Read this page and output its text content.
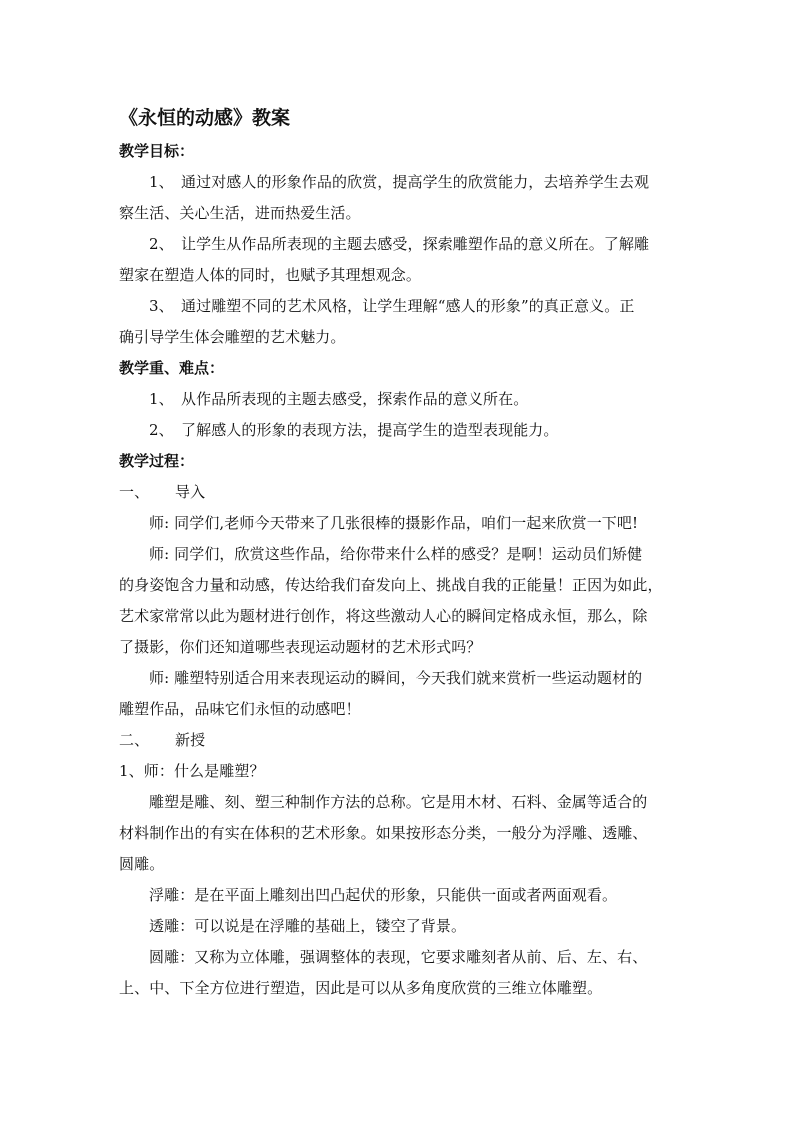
《永恒的动感》教案
教学目标：
1、 通过对感人的形象作品的欣赏，提高学生的欣赏能力，去培养学生去观
察生活、关心生活，进而热爱生活。
2、 让学生从作品所表现的主题去感受，探索雕塑作品的意义所在。了解雕
塑家在塑造人体的同时，也赋予其理想观念。
3、 通过雕塑不同的艺术风格，让学生理解“感人的形象”的真正意义。正
确引导学生体会雕塑的艺术魅力。
教学重、难点：
1、 从作品所表现的主题去感受，探索作品的意义所在。
2、 了解感人的形象的表现方法，提高学生的造型表现能力。
教学过程：
一、 导入
师: 同学们,老师今天带来了几张很棒的摄影作品，咱们一起来欣赏一下吧!
师: 同学们，欣赏这些作品，给你带来什么样的感受？是啊！运动员们矫健
的身姿饱含力量和动感，传达给我们奋发向上、挑战自我的正能量！正因为如此，
艺术家常常以此为题材进行创作，将这些激动人心的瞬间定格成永恒，那么，除
了摄影，你们还知道哪些表现运动题材的艺术形式吗？
师: 雕塑特别适合用来表现运动的瞬间，今天我们就来赏析一些运动题材的
雕塑作品，品味它们永恒的动感吧！
二、 新授
1、师：什么是雕塑？
雕塑是雕、刻、塑三种制作方法的总称。它是用木材、石料、金属等适合的
材料制作出的有实在体积的艺术形象。如果按形态分类，一般分为浮雕、透雕、
圆雕。
浮雕：是在平面上雕刻出凹凸起伏的形象，只能供一面或者两面观看。
透雕：可以说是在浮雕的基础上，镂空了背景。
圆雕：又称为立体雕，强调整体的表现，它要求雕刻者从前、后、左、右、
上、中、下全方位进行塑造，因此是可以从多角度欣赏的三维立体雕塑。
